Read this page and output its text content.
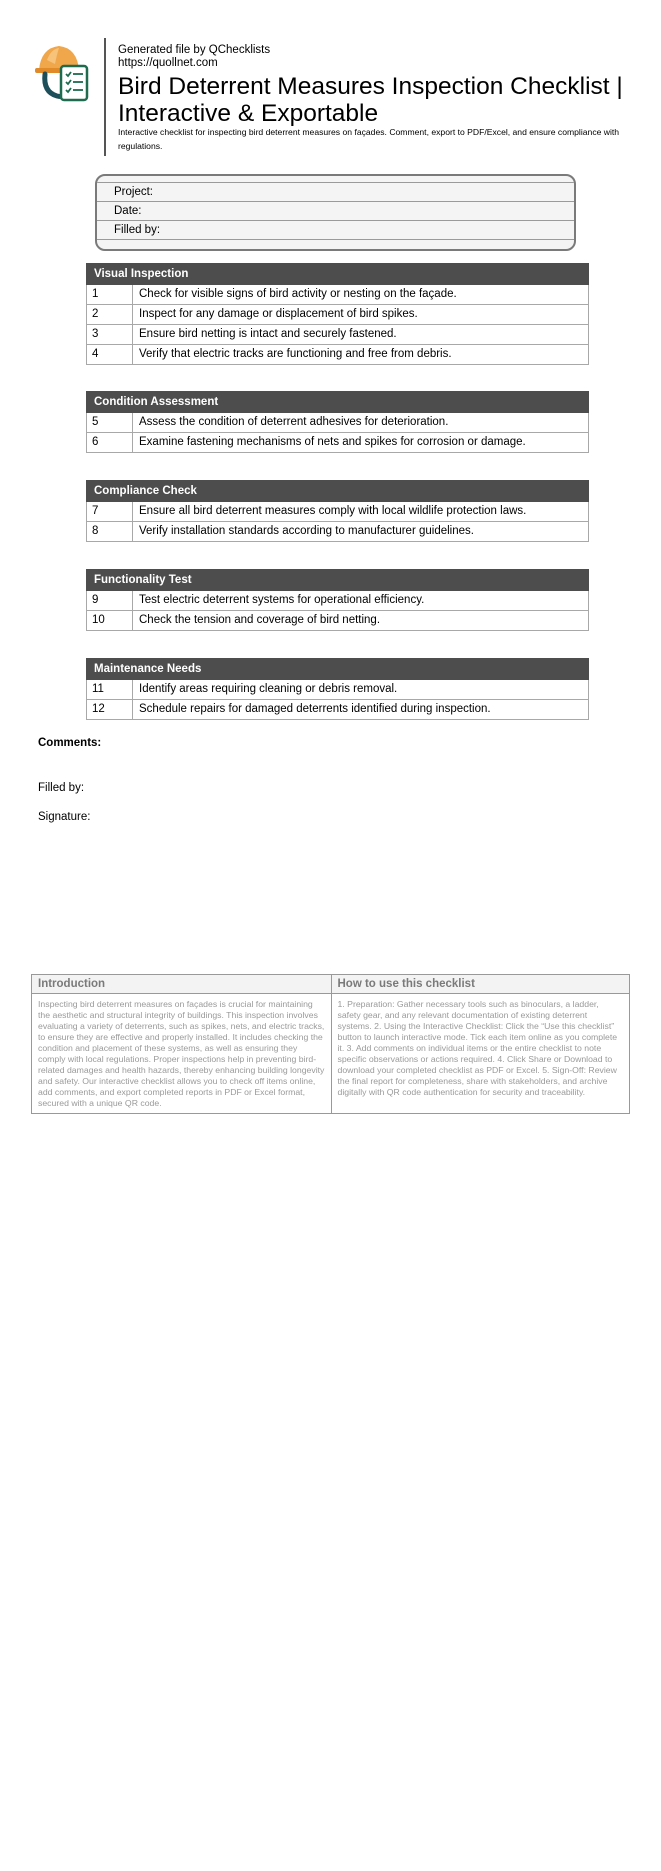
Generated file by QChecklists
https://quollnet.com
Bird Deterrent Measures Inspection Checklist | Interactive & Exportable
Interactive checklist for inspecting bird deterrent measures on façades. Comment, export to PDF/Excel, and ensure compliance with regulations.
Project:
Date:
Filled by:
Visual Inspection
1	Check for visible signs of bird activity or nesting on the façade.
2	Inspect for any damage or displacement of bird spikes.
3	Ensure bird netting is intact and securely fastened.
4	Verify that electric tracks are functioning and free from debris.
Condition Assessment
5	Assess the condition of deterrent adhesives for deterioration.
6	Examine fastening mechanisms of nets and spikes for corrosion or damage.
Compliance Check
7	Ensure all bird deterrent measures comply with local wildlife protection laws.
8	Verify installation standards according to manufacturer guidelines.
Functionality Test
9	Test electric deterrent systems for operational efficiency.
10	Check the tension and coverage of bird netting.
Maintenance Needs
11	Identify areas requiring cleaning or debris removal.
12	Schedule repairs for damaged deterrents identified during inspection.
Comments:
Filled by:
Signature:
Introduction
Inspecting bird deterrent measures on façades is crucial for maintaining the aesthetic and structural integrity of buildings. This inspection involves evaluating a variety of deterrents, such as spikes, nets, and electric tracks, to ensure they are effective and properly installed. It includes checking the condition and placement of these systems, as well as ensuring they comply with local regulations. Proper inspections help in preventing bird-related damages and health hazards, thereby enhancing building longevity and safety. Our interactive checklist allows you to check off items online, add comments, and export completed reports in PDF or Excel format, secured with a unique QR code.
How to use this checklist
1. Preparation: Gather necessary tools such as binoculars, a ladder, safety gear, and any relevant documentation of existing deterrent systems. 2. Using the Interactive Checklist: Click the “Use this checklist” button to launch interactive mode. Tick each item online as you complete it. 3. Add comments on individual items or the entire checklist to note specific observations or actions required. 4. Click Share or Download to download your completed checklist as PDF or Excel. 5. Sign-Off: Review the final report for completeness, share with stakeholders, and archive digitally with QR code authentication for security and traceability.
